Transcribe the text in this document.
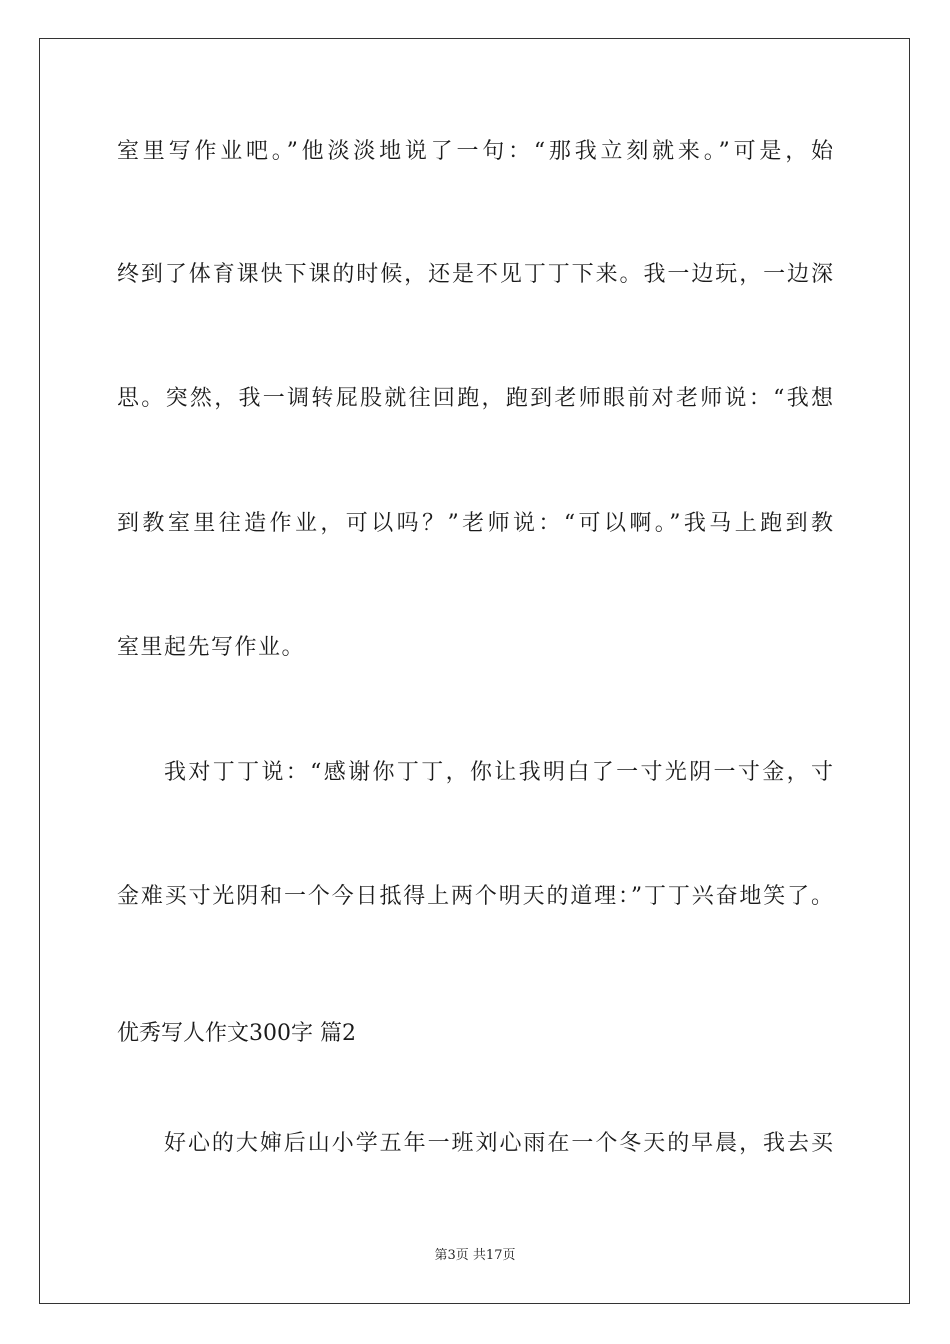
室里写作业吧。”他淡淡地说了一句：“那我立刻就来。”可是，始
终到了体育课快下课的时候，还是不见丁丁下来。我一边玩，一边深
思。突然，我一调转屁股就往回跑，跑到老师眼前对老师说：“我想
到教室里往造作业，可以吗？”老师说：“可以啊。”我马上跑到教
室里起先写作业。
我对丁丁说：“感谢你丁丁，你让我明白了一寸光阴一寸金，寸
金难买寸光阴和一个今日抵得上两个明天的道理：”丁丁兴奋地笑了。
优秀写人作文300字 篇2
好心的大婶后山小学五年一班刘心雨在一个冬天的早晨，我去买
第3页 共17页
